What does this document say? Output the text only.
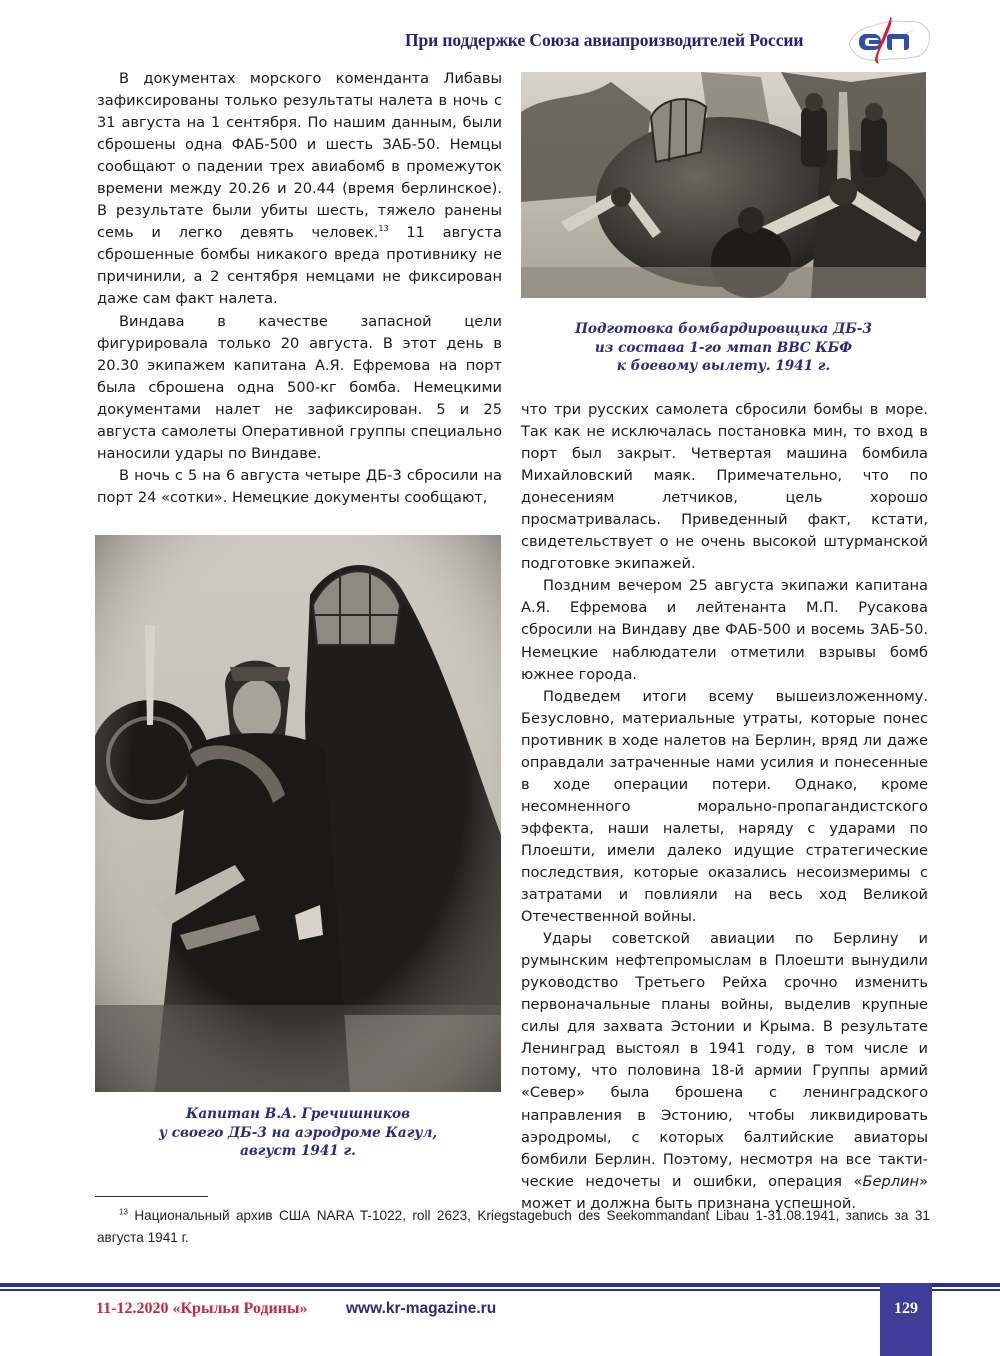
При поддержке Союза авиапроизводителей России

В документах морского коменданта Либавы зафиксированы только результаты налета в ночь с 31 августа на 1 сентября. По нашим данным, были сброшены одна ФАБ-500 и шесть ЗАБ-50. Немцы сообщают о падении трех авиабомб в промежуток времени между 20.26 и 20.44 (время берлинское). В результате были убиты шесть, тяжело ранены семь и легко девять человек.$^{13}$ 11 августа сброшенные бомбы никакого вреда противнику не причинили, а 2 сентября немцами не фиксирован даже сам факт налета.

Виндава в качестве запасной цели фигурировала только 20 августа. В этот день в 20.30 экипажем капитана А.Я. Ефремова на порт была сброшена одна 500-кг бомба. Немецкими документами налет не зафиксирован. 5 и 25 августа самолеты Оперативной группы специально наносили удары по Виндаве.

В ночь с 5 на 6 августа четыре ДБ-3 сбросили на порт 24 «сотки». Немецкие документы сообщают,

Подготовка бомбардировщика ДБ-3
из состава 1-го мтап ВВС КБФ
к боевому вылету. 1941 г.

что три русских самолета сбросили бомбы в море. Так как не исключалась постановка мин, то вход в порт был закрыт. Четвертая машина бомбила Михайловский маяк. Примечательно, что по донесениям летчиков, цель хорошо просматривалась. Приведенный факт, кстати, свидетельствует о не очень высокой штурманской подготовке экипажей.

Поздним вечером 25 августа экипажи капитана А.Я. Ефремова и лейтенанта М.П. Русакова сбросили на Виндаву две ФАБ-500 и восемь ЗАБ-50. Немецкие наблюдатели отметили взрывы бомб южнее города.

Подведем итоги всему вышеизложенному. Безусловно, материальные утраты, которые понес противник в ходе налетов на Берлин, вряд ли даже оправдали затраченные нами усилия и понесенные в ходе операции потери. Однако, кроме несомненного морально-пропагандистского эффекта, наши налеты, наряду с ударами по Плоешти, имели далеко идущие стратегические последствия, которые оказались несоизмеримы с затратами и повлияли на весь ход Великой Отечественной войны.

Удары советской авиации по Берлину и румынским нефтепромыслам в Плоешти вынудили руководство Третьего Рейха срочно изменить первоначальные планы войны, выделив крупные силы для захвата Эстонии и Крыма. В результате Ленинград выстоял в 1941 году, в том числе и потому, что половина 18-й армии Группы армий «Север» была брошена с ленинградского направления в Эстонию, чтобы ликвидировать аэродромы, с которых балтийские авиаторы бомбили Берлин. Поэтому, несмотря на все тактические недочеты и ошибки, операция «Берлин» может и должна быть признана успешной.

Капитан В.А. Гречишников
у своего ДБ-3 на аэродроме Кагул,
август 1941 г.
$^{13}$ Национальный архив США NARA T-1022, roll 2623, Kriegstagebuch des Seekommandant Libau 1-31.08.1941, запись за 31 августа 1941 г.
11-12.2020 «Крылья Родины» www.kr-magazine.ru	129
